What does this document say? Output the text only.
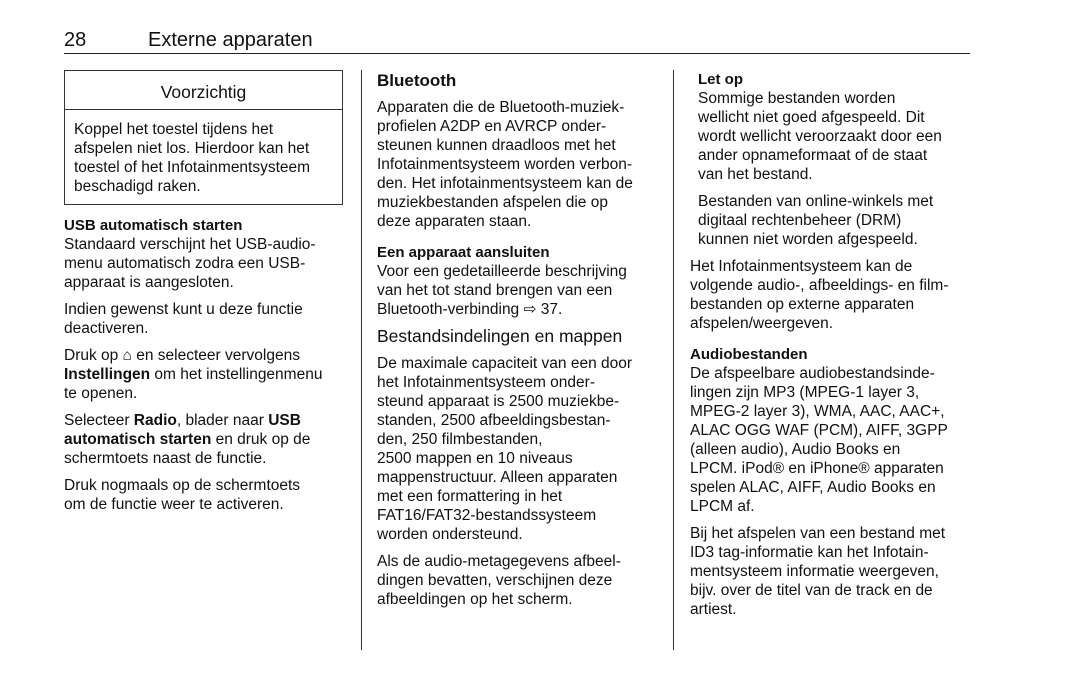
28	Externe apparaten
Voorzichtig
Koppel het toestel tijdens het
afspelen niet los. Hierdoor kan het
toestel of het Infotainmentsysteem
beschadigd raken.

USB automatisch starten

Standaard verschijnt het USB-audio-
menu automatisch zodra een USB-
apparaat is aangesloten.

Indien gewenst kunt u deze functie
deactiveren.

Druk op ⌂ en selecteer vervolgens
Instellingen om het instellingenmenu
te openen.

Selecteer Radio, blader naar USB
automatisch starten en druk op de
schermtoets naast de functie.

Druk nogmaals op de schermtoets
om de functie weer te activeren.

Bluetooth

Apparaten die de Bluetooth-muziek-
profielen A2DP en AVRCP onder-
steunen kunnen draadloos met het
Infotainmentsysteem worden verbon-
den. Het infotainmentsysteem kan de
muziekbestanden afspelen die op
deze apparaten staan.

Een apparaat aansluiten

Voor een gedetailleerde beschrijving
van het tot stand brengen van een
Bluetooth-verbinding ⇨ 37.

Bestandsindelingen en mappen

De maximale capaciteit van een door
het Infotainmentsysteem onder-
steund apparaat is 2500 muziekbe-
standen, 2500 afbeeldingsbestan-
den, 250 filmbestanden,
2500 mappen en 10 niveaus
mappenstructuur. Alleen apparaten
met een formattering in het
FAT16/FAT32-bestandssysteem
worden ondersteund.

Als de audio-metagegevens afbeel-
dingen bevatten, verschijnen deze
afbeeldingen op het scherm.

Let op

Sommige bestanden worden
wellicht niet goed afgespeeld. Dit
wordt wellicht veroorzaakt door een
ander opnameformaat of de staat
van het bestand.

Bestanden van online-winkels met
digitaal rechtenbeheer (DRM)
kunnen niet worden afgespeeld.

Het Infotainmentsysteem kan de
volgende audio-, afbeeldings- en film-
bestanden op externe apparaten
afspelen/weergeven.

Audiobestanden

De afspeelbare audiobestandsinde-
lingen zijn MP3 (MPEG-1 layer 3,
MPEG-2 layer 3), WMA, AAC, AAC+,
ALAC OGG WAF (PCM), AIFF, 3GPP
(alleen audio), Audio Books en
LPCM. iPod® en iPhone® apparaten
spelen ALAC, AIFF, Audio Books en
LPCM af.

Bij het afspelen van een bestand met
ID3 tag-informatie kan het Infotain-
mentsysteem informatie weergeven,
bijv. over de titel van de track en de
artiest.
